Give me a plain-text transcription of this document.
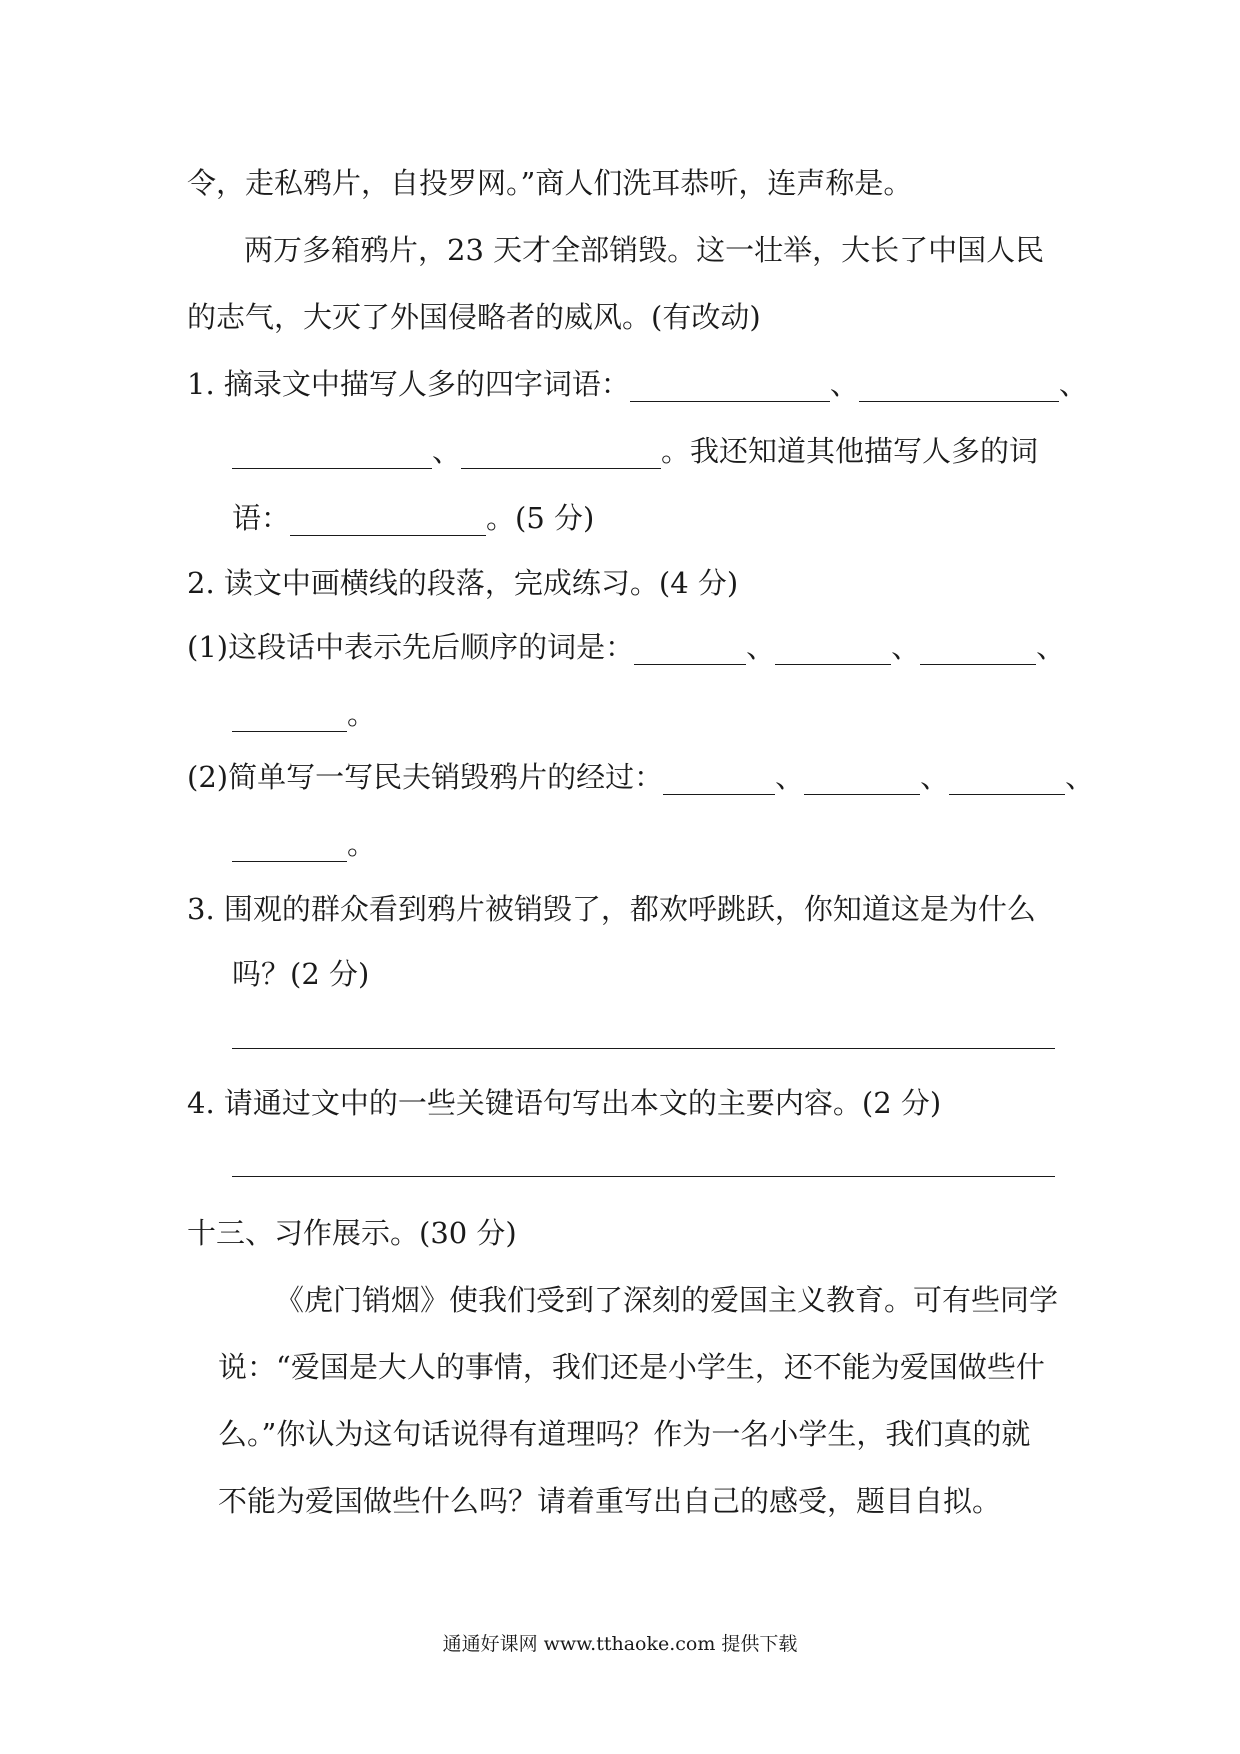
令，走私鸦片，自投罗网。”商人们洗耳恭听，连声称是。
两万多箱鸦片，23 天才全部销毁。这一壮举，大长了中国人民
的志气，大灭了外国侵略者的威风。(有改动)
1. 摘录文中描写人多的四字词语：	、	、
、	。我还知道其他描写人多的词
语：	。(5 分)
2. 读文中画横线的段落，完成练习。(4 分)
(1)这段话中表示先后顺序的词是：	、	、	、
。
(2)简单写一写民夫销毁鸦片的经过：	、	、	、
。
3. 围观的群众看到鸦片被销毁了，都欢呼跳跃，你知道这是为什么
吗？(2 分)
4. 请通过文中的一些关键语句写出本文的主要内容。(2 分)
十三、习作展示。(30 分)
《虎门销烟》使我们受到了深刻的爱国主义教育。可有些同学
说：“爱国是大人的事情，我们还是小学生，还不能为爱国做些什
么。”你认为这句话说得有道理吗？作为一名小学生，我们真的就
不能为爱国做些什么吗？请着重写出自己的感受，题目自拟。
通通好课网 www.tthaoke.com 提供下载
